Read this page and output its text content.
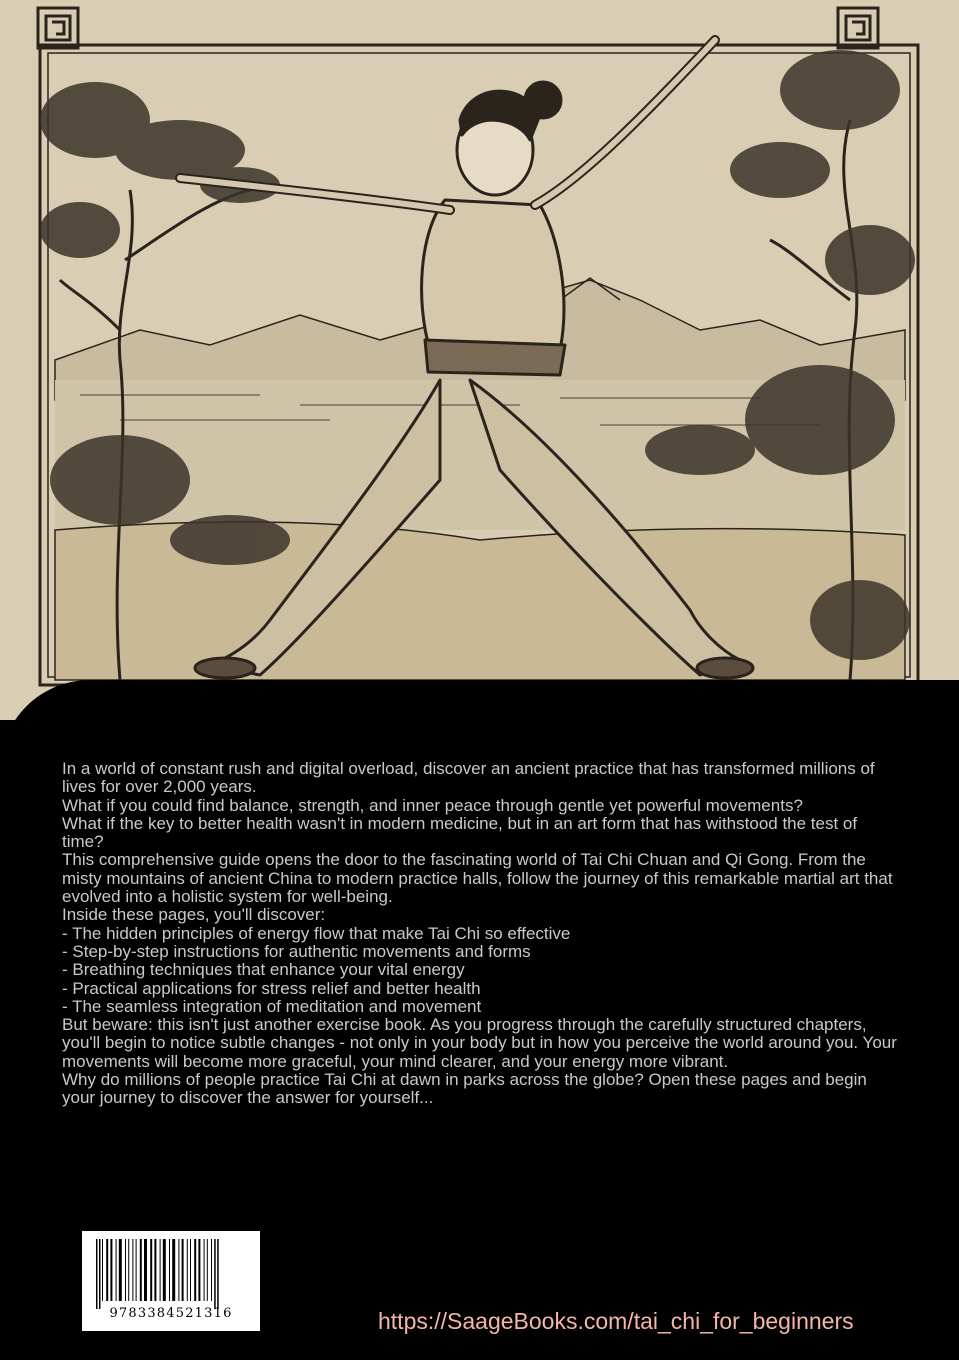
In a world of constant rush and digital overload, discover an ancient practice that has transformed millions of lives for over 2,000 years.

What if you could find balance, strength, and inner peace through gentle yet powerful movements?

What if the key to better health wasn't in modern medicine, but in an art form that has withstood the test of time?

This comprehensive guide opens the door to the fascinating world of Tai Chi Chuan and Qi Gong. From the misty mountains of ancient China to modern practice halls, follow the journey of this remarkable martial art that evolved into a holistic system for well-being.

Inside these pages, you'll discover:

- The hidden principles of energy flow that make Tai Chi so effective

- Step-by-step instructions for authentic movements and forms

- Breathing techniques that enhance your vital energy

- Practical applications for stress relief and better health

- The seamless integration of meditation and movement

But beware: this isn't just another exercise book. As you progress through the carefully structured chapters, you'll begin to notice subtle changes - not only in your body but in how you perceive the world around you. Your movements will become more graceful, your mind clearer, and your energy more vibrant.

Why do millions of people practice Tai Chi at dawn in parks across the globe? Open these pages and begin your journey to discover the answer for yourself...

9783384521316	https://SaageBooks.com/tai_chi_for_beginners
